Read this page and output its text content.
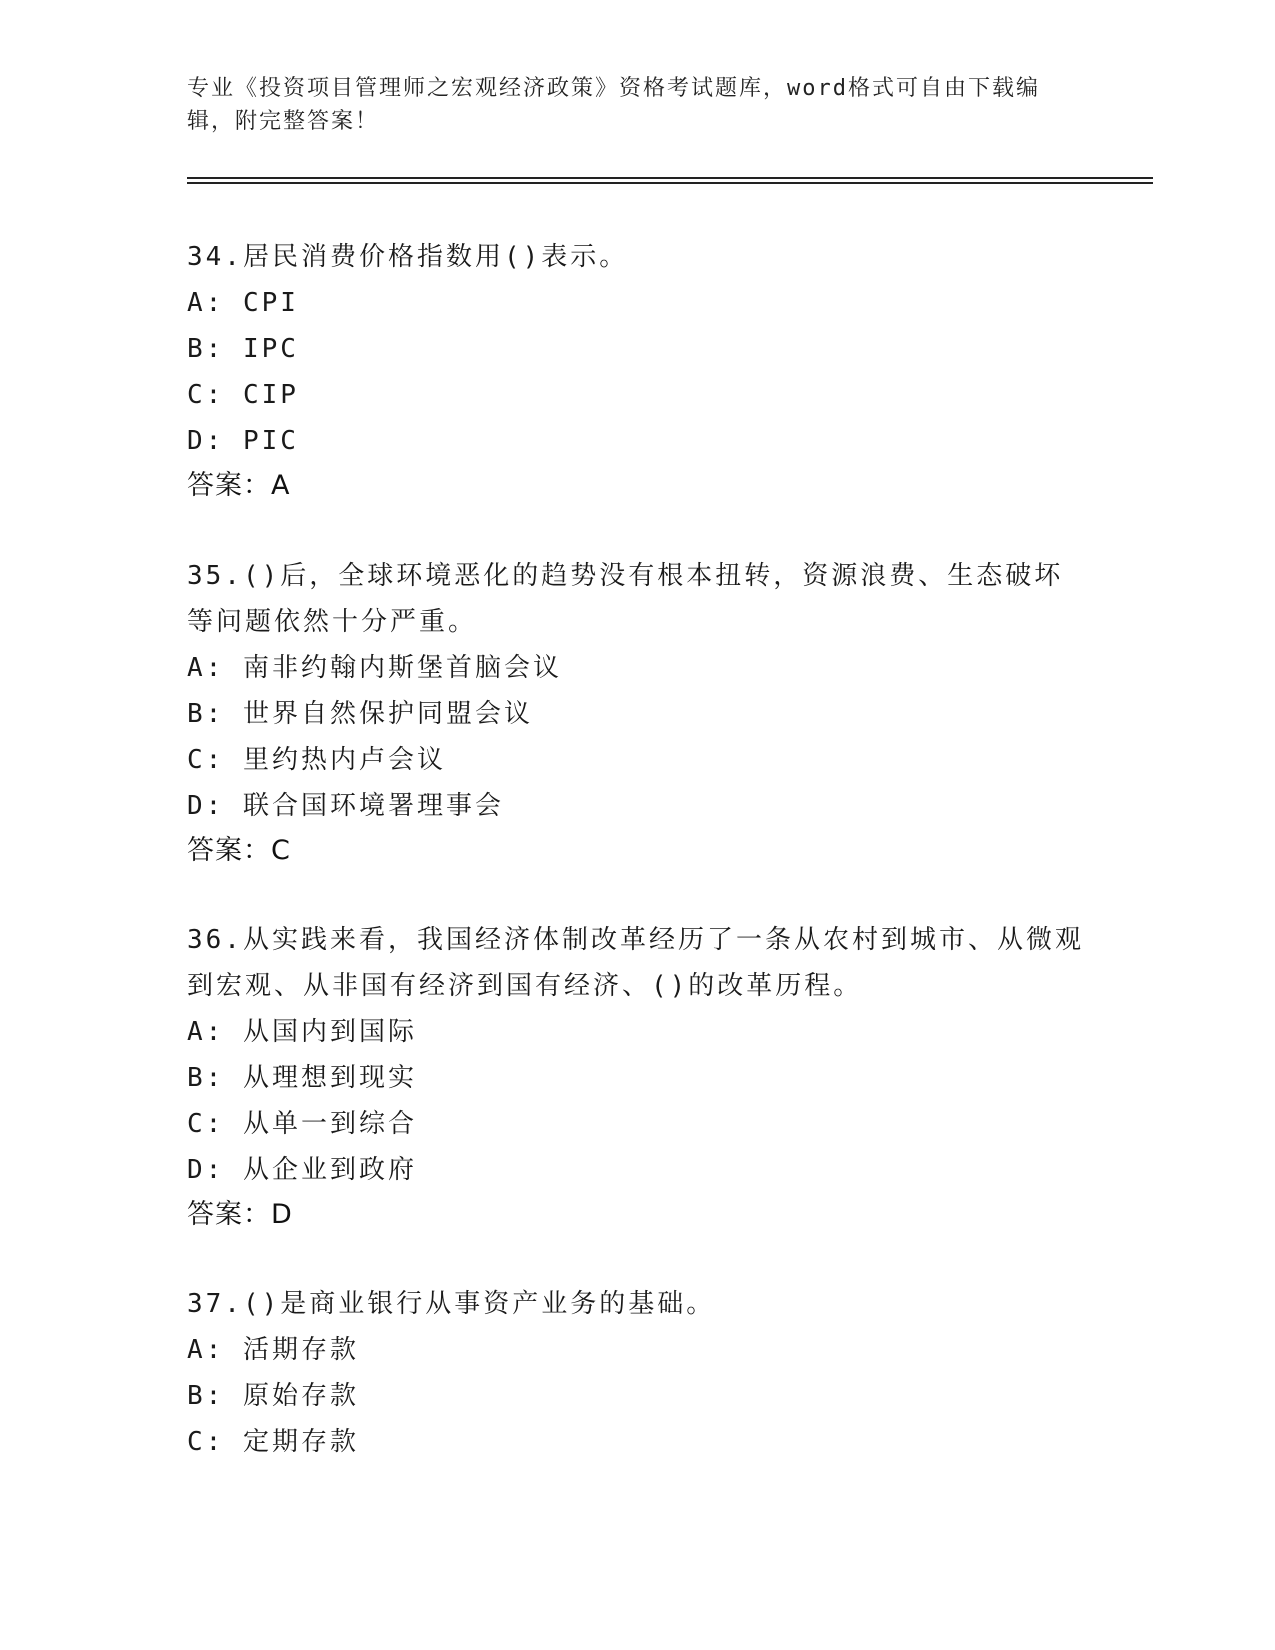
专业《投资项目管理师之宏观经济政策》资格考试题库，word格式可自由下载编辑，附完整答案！
34.居民消费价格指数用()表示。
A: CPI
B: IPC
C: CIP
D: PIC
答案：A
35.()后，全球环境恶化的趋势没有根本扭转，资源浪费、生态破坏等问题依然十分严重。
A: 南非约翰内斯堡首脑会议
B: 世界自然保护同盟会议
C: 里约热内卢会议
D: 联合国环境署理事会
答案：C
36.从实践来看，我国经济体制改革经历了一条从农村到城市、从微观到宏观、从非国有经济到国有经济、()的改革历程。
A: 从国内到国际
B: 从理想到现实
C: 从单一到综合
D: 从企业到政府
答案：D
37.()是商业银行从事资产业务的基础。
A: 活期存款
B: 原始存款
C: 定期存款
